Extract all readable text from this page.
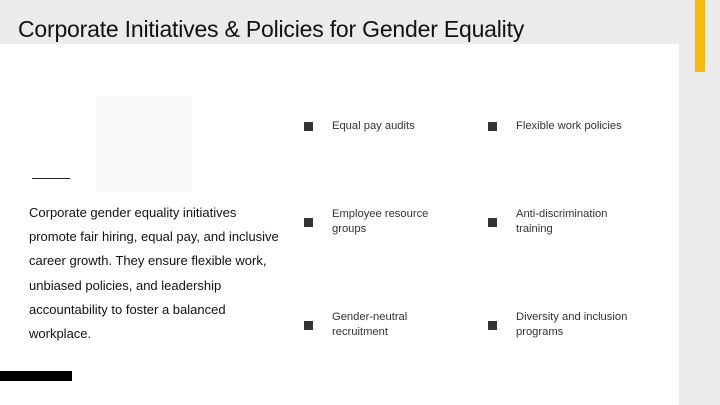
Corporate Initiatives & Policies for Gender Equality

Corporate gender equality initiatives promote fair hiring, equal pay, and inclusive career growth. They ensure flexible work, unbiased policies, and leadership accountability to foster a balanced workplace.

Equal pay audits	Flexible work policies
Employee resource groups
Anti-discrimination training
Gender-neutral recruitment
Diversity and inclusion programs
